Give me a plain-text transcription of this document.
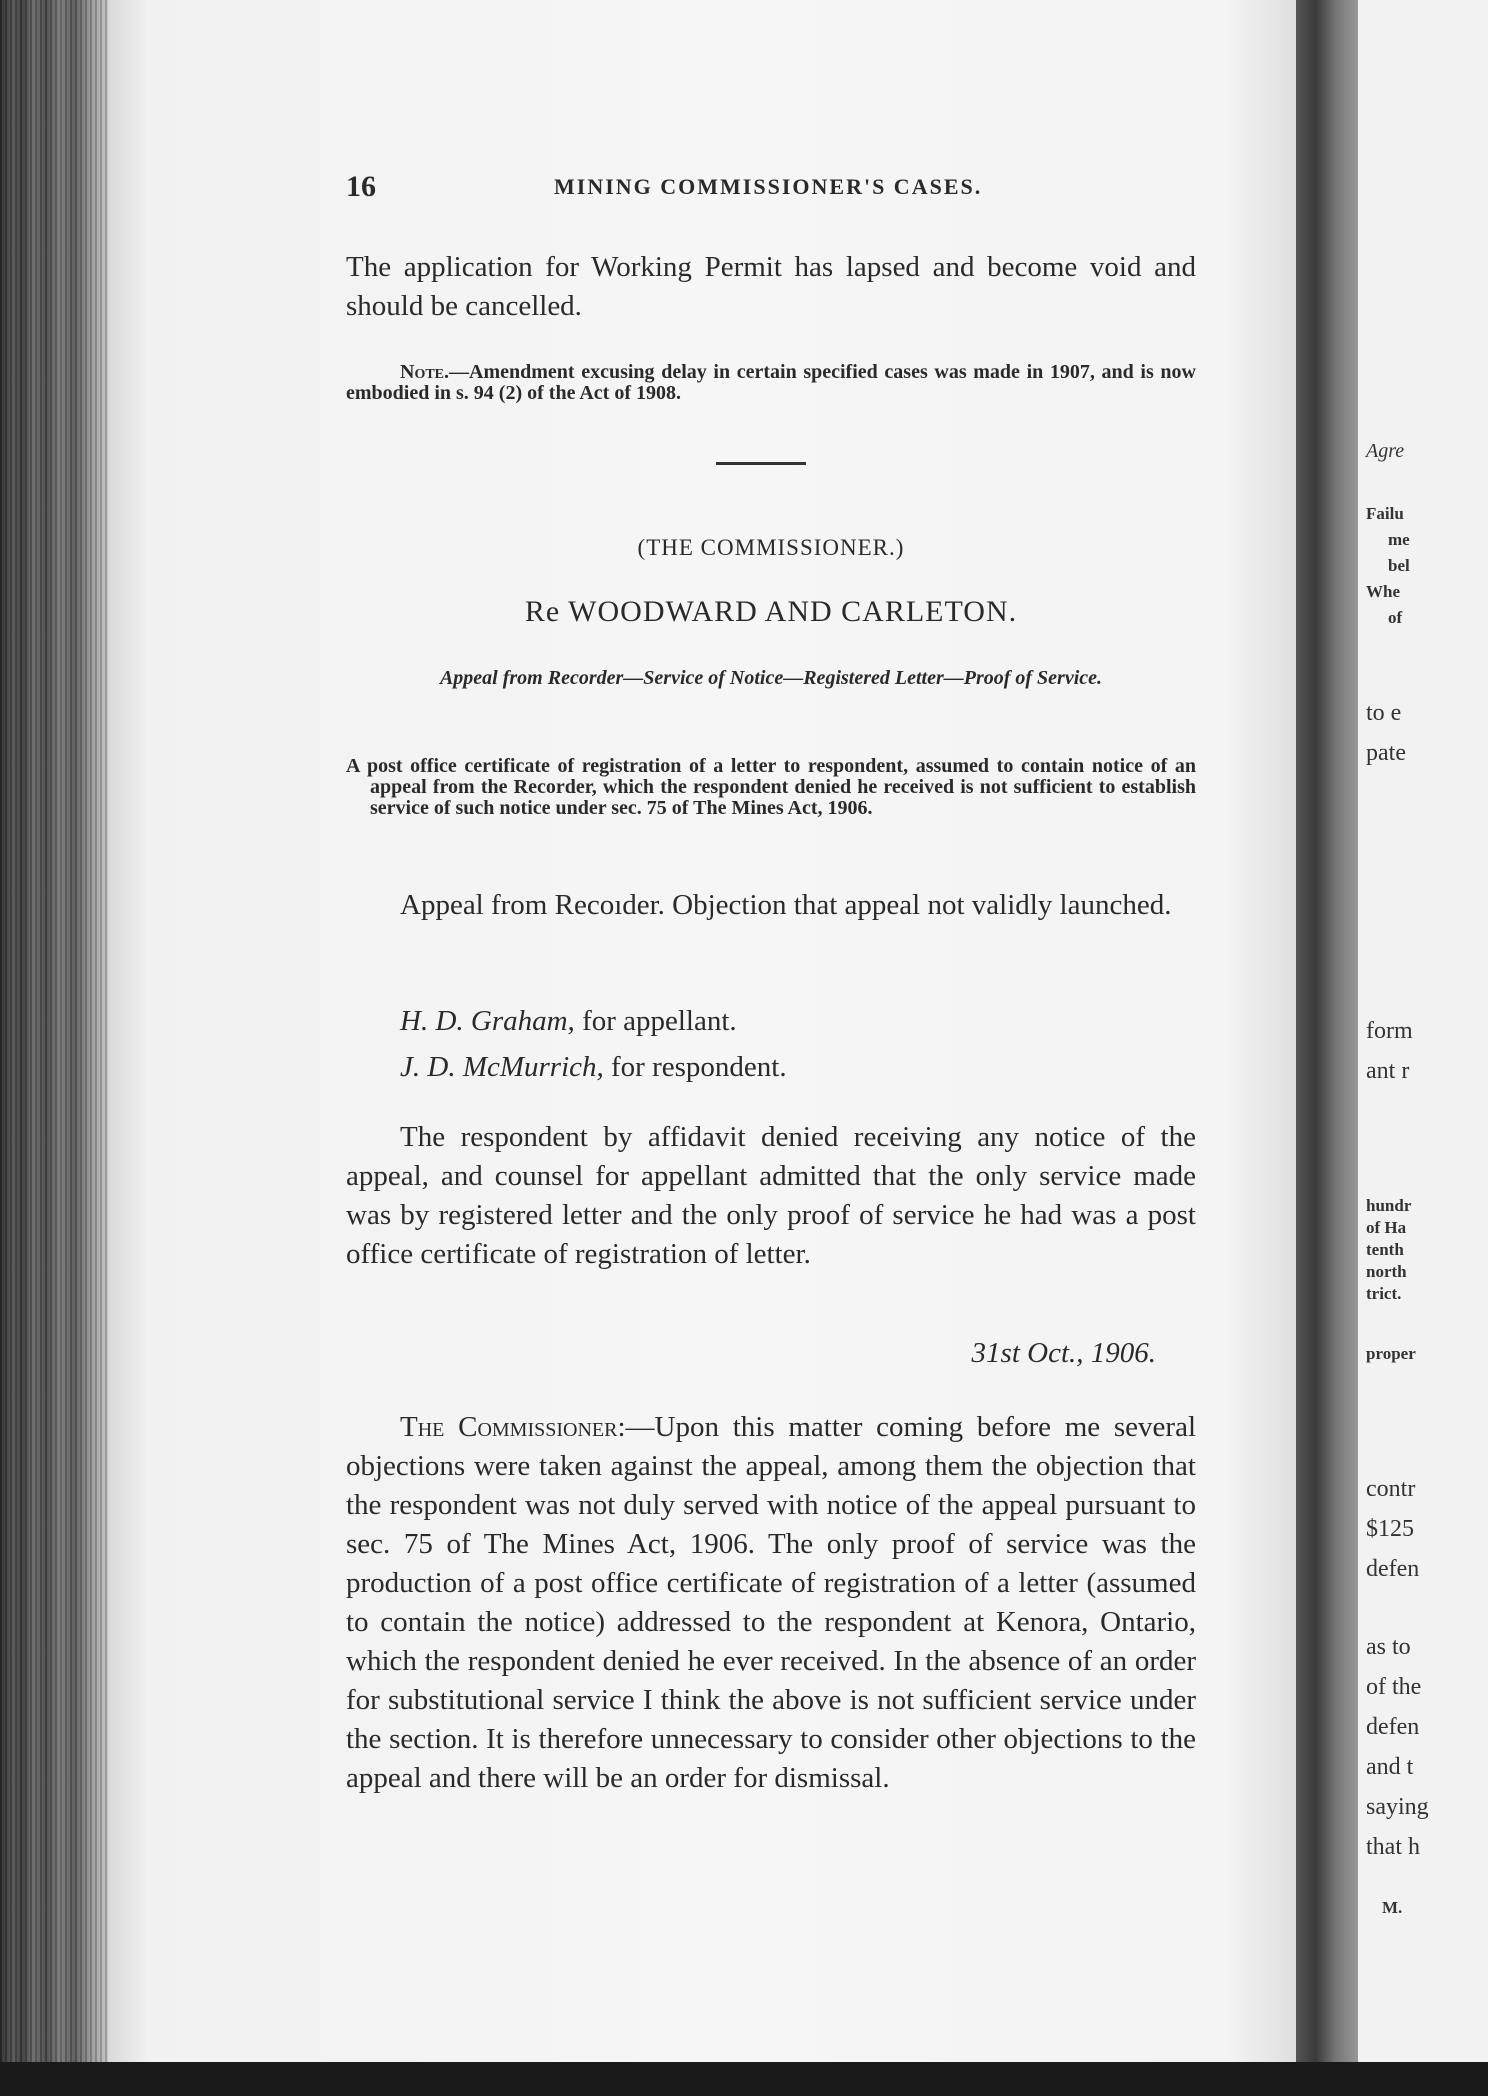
Agre
Failu
me
bel
Whe
of
to e
pate
form
ant r
hundr
of Ha
tenth
north
trict.
proper
contr
$125
defen
as to
of the
defen
and t
saying
that h
M.
16	MINING COMMISSIONER'S CASES.
The application for Working Permit has lapsed and become void and should be cancelled.
Note.—Amendment excusing delay in certain specified cases was made in 1907, and is now embodied in s. 94 (2) of the Act of 1908.
(THE COMMISSIONER.)
Re WOODWARD AND CARLETON.
Appeal from Recorder—Service of Notice—Registered Letter—Proof of Service.
A post office certificate of registration of a letter to respondent, assumed to contain notice of an appeal from the Recorder, which the respondent denied he received is not sufficient to establish service of such notice under sec. 75 of The Mines Act, 1906.
Appeal from Recoıder. Objection that appeal not validly launched.
H. D. Graham, for appellant.
J. D. McMurrich, for respondent.
The respondent by affidavit denied receiving any notice of the appeal, and counsel for appellant admitted that the only service made was by registered letter and the only proof of service he had was a post office certificate of registration of letter.
31st Oct., 1906.
The Commissioner:—Upon this matter coming before me several objections were taken against the appeal, among them the objection that the respondent was not duly served with notice of the appeal pursuant to sec. 75 of The Mines Act, 1906. The only proof of service was the production of a post office certificate of registration of a letter (assumed to contain the notice) addressed to the respondent at Kenora, Ontario, which the respondent denied he ever received. In the absence of an order for substitutional service I think the above is not sufficient service under the section. It is therefore unnecessary to consider other objections to the appeal and there will be an order for dismissal.
